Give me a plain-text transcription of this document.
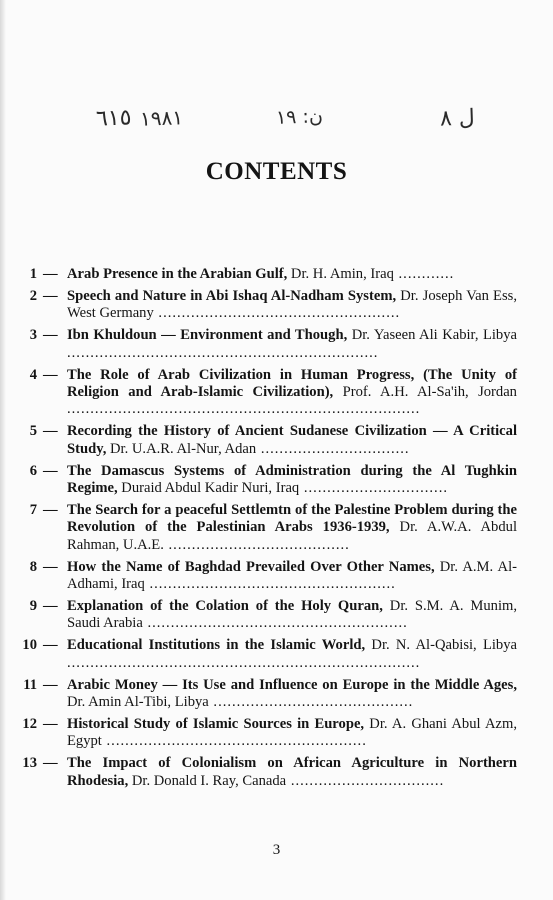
٦١٥ ١٩٨١	ن: ١٩	ل ٨
CONTENTS
1 — Arab Presence in the Arabian Gulf, Dr. H. Amin, Iraq ............
2 — Speech and Nature in Abi Ishaq Al-Nadham System, Dr. Joseph Van Ess, West Germany ....................................................
3 — Ibn Khuldoun — Environment and Though, Dr. Yaseen Ali Kabir, Libya ...................................................................
4 — The Role of Arab Civilization in Human Progress, (The Unity of Religion and Arab-Islamic Civilization), Prof. A.H. Al-Sa'ih, Jordan ............................................................................
5 — Recording the History of Ancient Sudanese Civilization — A Critical Study, Dr. U.A.R. Al-Nur, Adan ................................
6 — The Damascus Systems of Administration during the Al Tughkin Regime, Duraid Abdul Kadir Nuri, Iraq ...............................
7 — The Search for a peaceful Settlemtn of the Palestine Problem during the Revolution of the Palestinian Arabs 1936-1939, Dr. A.W.A. Abdul Rahman, U.A.E. .......................................
8 — How the Name of Baghdad Prevailed Over Other Names, Dr. A.M. Al- Adhami, Iraq .....................................................
9 — Explanation of the Colation of the Holy Quran, Dr. S.M. A. Munim, Saudi Arabia ........................................................
10 — Educational Institutions in the Islamic World, Dr. N. Al-Qabisi, Libya ............................................................................
11 — Arabic Money — Its Use and Influence on Europe in the Middle Ages, Dr. Amin Al-Tibi, Libya ...........................................
12 — Historical Study of Islamic Sources in Europe, Dr. A. Ghani Abul Azm, Egypt ........................................................
13 — The Impact of Colonialism on African Agriculture in Northern Rhodesia, Dr. Donald I. Ray, Canada .................................
3
